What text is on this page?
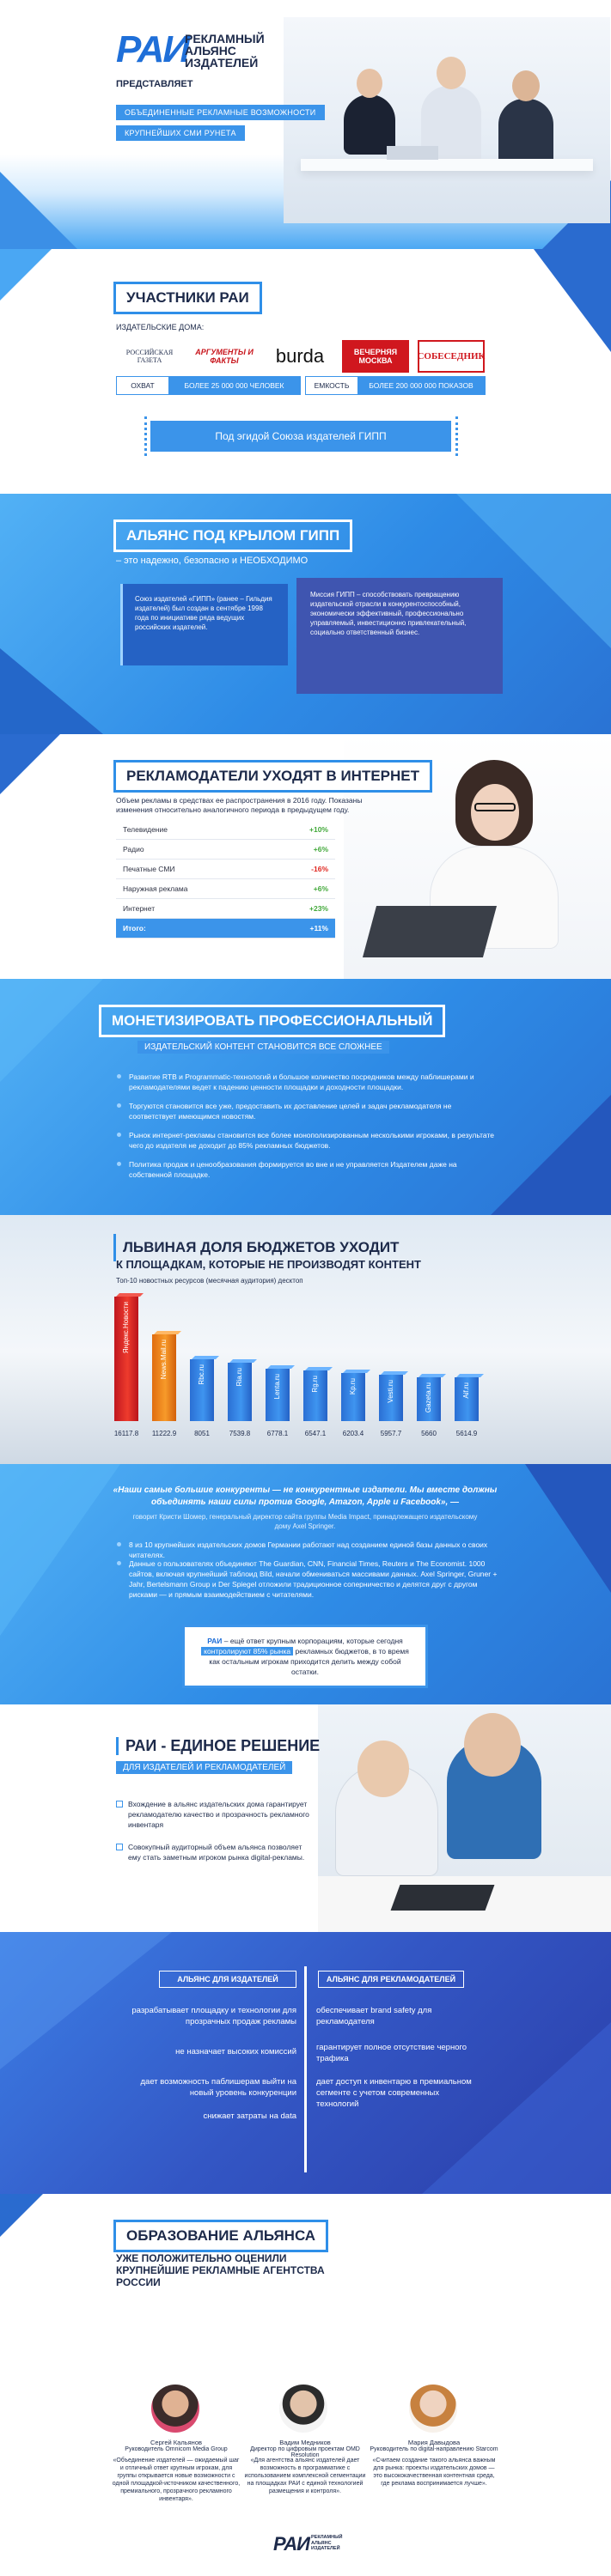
РАИ
РЕКЛАМНЫЙ
АЛЬЯНС
ИЗДАТЕЛЕЙ
ПРЕДСТАВЛЯЕТ
ОБЪЕДИНЕННЫЕ РЕКЛАМНЫЕ ВОЗМОЖНОСТИ
КРУПНЕЙШИХ СМИ РУНЕТА
УЧАСТНИКИ РАИ
ИЗДАТЕЛЬСКИЕ ДОМА:
РОССИЙСКАЯ ГАЗЕТА
АРГУМЕНТЫ И ФАКТЫ	burda	ВЕЧЕРНЯЯ МОСКВА	СОБЕСЕДНИК
ОХВАТ	БОЛЕЕ 25 000 000 ЧЕЛОВЕК	ЕМКОСТЬ	БОЛЕЕ 200 000 000 ПОКАЗОВ
Под эгидой Союза издателей ГИПП
АЛЬЯНС ПОД КРЫЛОМ ГИПП
– это надежно, безопасно и НЕОБХОДИМО
Союз издателей «ГИПП» (ранее – Гильдия издателей) был создан в сентябре 1998 года по инициативе ряда ведущих российских издателей.
Миссия ГИПП – способствовать превращению издательской отрасли в конкурентоспособный, экономически эффективный, профессионально управляемый, инвестиционно привлекательный, социально ответственный бизнес.
РЕКЛАМОДАТЕЛИ УХОДЯТ В ИНТЕРНЕТ
Объем рекламы в средствах ее распространения в 2016 году. Показаны изменения относительно аналогичного периода в предыдущем году.
Телевидение	+10%
Радио	+6%
Печатные СМИ	-16%
Наружная реклама	+6%
Интернет	+23%
Итого:	+11%
МОНЕТИЗИРОВАТЬ ПРОФЕССИОНАЛЬНЫЙ
ИЗДАТЕЛЬСКИЙ КОНТЕНТ СТАНОВИТСЯ ВСЕ СЛОЖНЕЕ
Развитие RTB и Programmatic-технологий и большое количество посредников между паблишерами и рекламодателями ведет к падению ценности площадки и доходности площадки.
Торгуются становится все уже, предоставить их доставление целей и задач рекламодателя не соответствует имеющимся новостям.
Рынок интернет-рекламы становится все более монополизированным несколькими игроками, в результате чего до издателя не доходит до 85% рекламных бюджетов.
Политика продаж и ценообразования формируется во вне и не управляется Издателем даже на собственной площадке.
ЛЬВИНАЯ ДОЛЯ БЮДЖЕТОВ УХОДИТ
К ПЛОЩАДКАМ, КОТОРЫЕ НЕ ПРОИЗВОДЯТ КОНТЕНТ
Топ-10 новостных ресурсов (месячная аудитория) десктоп
Яндекс.Новости
16117.8
News.Mail.ru
11222.9
Rbc.ru
8051
Ria.ru
7539.8
Lenta.ru
6778.1
Rg.ru
6547.1
Kp.ru
6203.4
Vesti.ru
5957.7
Gazeta.ru
5660
Aif.ru
5614.9
«Наши самые большие конкуренты — не конкурентные издатели. Мы вместе должны объединять наши силы против Google, Amazon, Apple и Facebook», —
говорит Кристи Шомер, генеральный директор сайта группы Media Impact, принадлежащего издательскому дому Axel Springer.
8 из 10 крупнейших издательских домов Германии работают над созданием единой базы данных о своих читателях.
Данные о пользователях объединяют The Guardian, CNN, Financial Times, Reuters и The Economist. 1000 сайтов, включая крупнейший таблоид Bild, начали обмениваться массивами данных. Axel Springer, Gruner + Jahr, Bertelsmann Group и Der Spiegel отложили традиционное соперничество и делятся друг с другом рисками — и прямым взаимодействием с читателями.
РАИ – ещё ответ крупным корпорациям, которые сегодня контролируют 85% рынка рекламных бюджетов, в то время как остальным игрокам приходится делить между собой остатки.
РАИ - ЕДИНОЕ РЕШЕНИЕ
ДЛЯ ИЗДАТЕЛЕЙ И РЕКЛАМОДАТЕЛЕЙ
Вхождение в альянс издательских дома гарантирует рекламодателю качество и прозрачность рекламного инвентаря
Совокупный аудиторный объем альянса позволяет ему стать заметным игроком рынка digital-рекламы.
АЛЬЯНС ДЛЯ ИЗДАТЕЛЕЙ	АЛЬЯНС ДЛЯ РЕКЛАМОДАТЕЛЕЙ
разрабатывает площадку и технологии для прозрачных продаж рекламы
не назначает высоких комиссий
дает возможность паблишерам выйти на новый уровень конкуренции
снижает затраты на data
обеспечивает brand safety для рекламодателя
гарантирует полное отсутствие черного трафика
дает доступ к инвентарю в премиальном сегменте с учетом современных технологий
ОБРАЗОВАНИЕ АЛЬЯНСА
УЖЕ ПОЛОЖИТЕЛЬНО ОЦЕНИЛИ КРУПНЕЙШИЕ РЕКЛАМНЫЕ АГЕНТСТВА РОССИИ
Сергей Кальянов
Руководитель Omnicom Media Group
«Объединение издателей — ожидаемый шаг и отличный ответ крупным игрокам, для группы открывается новые возможности с одной площадкой-источником качественного, премиального, прозрачного рекламного инвентаря».
Вадим Медников
Директор по цифровым проектам OMD Resolution
«Для агентства альянс издателей дает возможность в программатике с использованием комплексной сегментации на площадках РАИ с единой технологией размещения и контроля».
Мария Давыдова
Руководитель по digital-направлению Starcom
«Считаем создание такого альянса важным для рынка: проекты издательских домов — это высококачественная контентная среда, где реклама воспринимается лучше».
РАИ РЕКЛАМНЫЙ
АЛЬЯНС
ИЗДАТЕЛЕЙ
